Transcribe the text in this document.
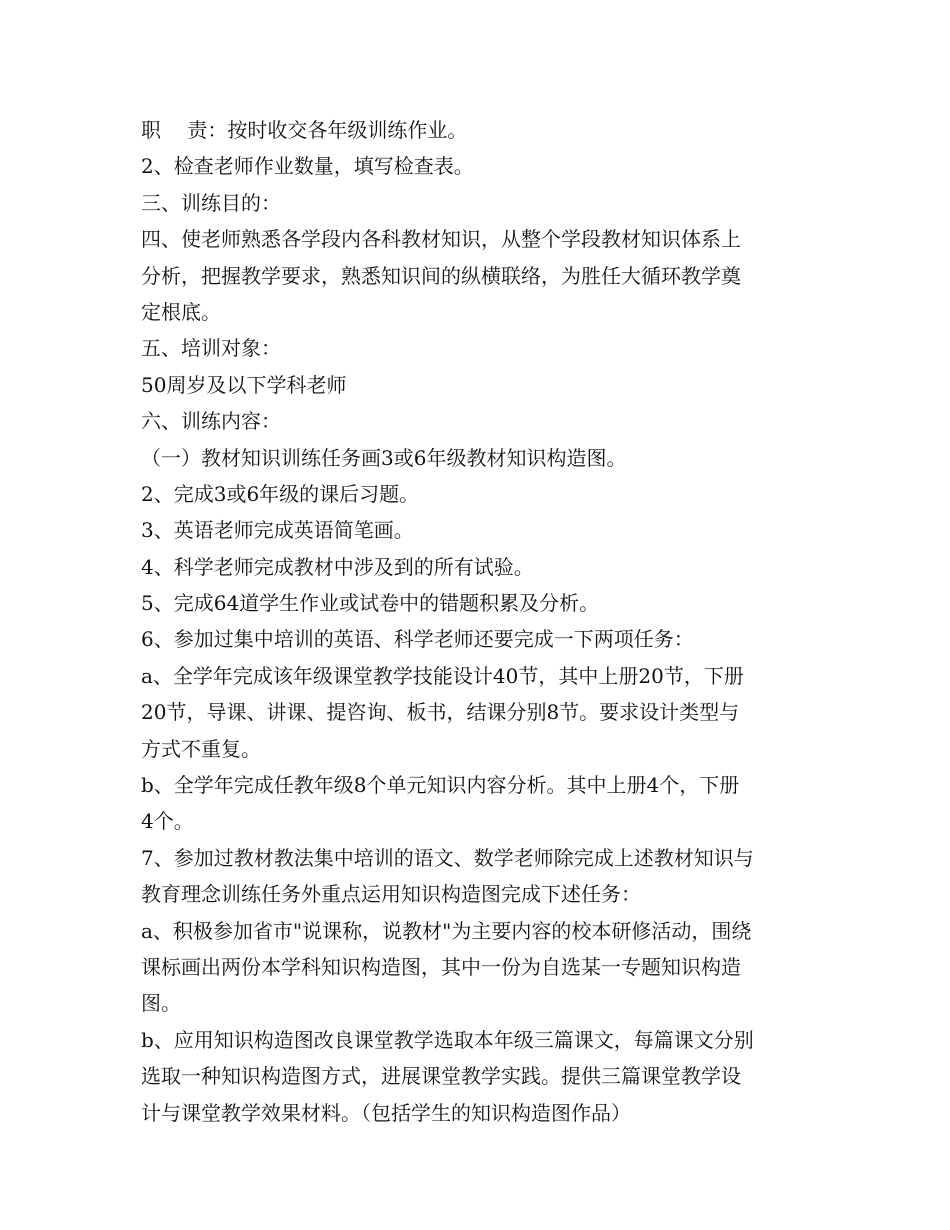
职　 责：按时收交各年级训练作业。
2、检查老师作业数量，填写检查表。
三、训练目的：
四、使老师熟悉各学段内各科教材知识，从整个学段教材知识体系上
分析，把握教学要求，熟悉知识间的纵横联络，为胜任大循环教学奠
定根底。
五、培训对象：
50周岁及以下学科老师
六、训练内容：
（一）教材知识训练任务画3或6年级教材知识构造图。
2、完成3或6年级的课后习题。
3、英语老师完成英语简笔画。
4、科学老师完成教材中涉及到的所有试验。
5、完成64道学生作业或试卷中的错题积累及分析。
6、参加过集中培训的英语、科学老师还要完成一下两项任务：
a、全学年完成该年级课堂教学技能设计40节，其中上册20节，下册
20节，导课、讲课、提咨询、板书，结课分别8节。要求设计类型与
方式不重复。
b、全学年完成任教年级8个单元知识内容分析。其中上册4个，下册
4个。
7、参加过教材教法集中培训的语文、数学老师除完成上述教材知识与
教育理念训练任务外重点运用知识构造图完成下述任务：
a、积极参加省市"说课称，说教材"为主要内容的校本研修活动，围绕
课标画出两份本学科知识构造图，其中一份为自选某一专题知识构造
图。
b、应用知识构造图改良课堂教学选取本年级三篇课文，每篇课文分别
选取一种知识构造图方式，进展课堂教学实践。提供三篇课堂教学设
计与课堂教学效果材料。（包括学生的知识构造图作品）
